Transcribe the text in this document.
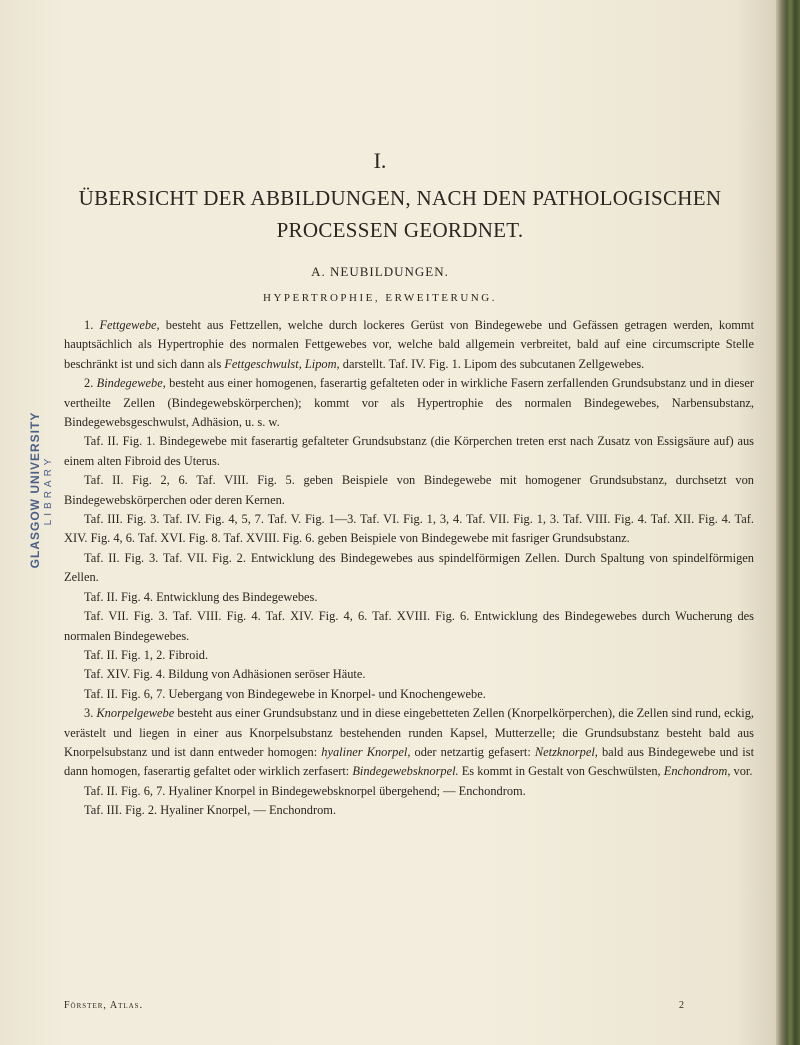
GLASGOW UNIVERSITY LIBRARY
I.
ÜBERSICHT DER ABBILDUNGEN, NACH DEN PATHOLOGISCHEN PROCESSEN GEORDNET.
A. NEUBILDUNGEN.
HYPERTROPHIE, ERWEITERUNG.

1. Fettgewebe, besteht aus Fettzellen, welche durch lockeres Gerüst von Bindegewebe und Gefässen getragen werden, kommt hauptsächlich als Hypertrophie des normalen Fettgewebes vor, welche bald allgemein verbreitet, bald auf eine circumscripte Stelle beschränkt ist und sich dann als Fettgeschwulst, Lipom, darstellt. Taf. IV. Fig. 1. Lipom des subcutanen Zellgewebes.

2. Bindegewebe, besteht aus einer homogenen, faserartig gefalteten oder in wirkliche Fasern zerfallenden Grundsubstanz und in dieser vertheilte Zellen (Bindegewebskörperchen); kommt vor als Hypertrophie des normalen Bindegewebes, Narbensubstanz, Bindegewebsgeschwulst, Adhäsion, u. s. w.

Taf. II. Fig. 1. Bindegewebe mit faserartig gefalteter Grundsubstanz (die Körperchen treten erst nach Zusatz von Essigsäure auf) aus einem alten Fibroid des Uterus.

Taf. II. Fig. 2, 6. Taf. VIII. Fig. 5. geben Beispiele von Bindegewebe mit homogener Grundsubstanz, durchsetzt von Bindegewebskörperchen oder deren Kernen.

Taf. III. Fig. 3. Taf. IV. Fig. 4, 5, 7. Taf. V. Fig. 1—3. Taf. VI. Fig. 1, 3, 4. Taf. VII. Fig. 1, 3. Taf. VIII. Fig. 4. Taf. XII. Fig. 4. Taf. XIV. Fig. 4, 6. Taf. XVI. Fig. 8. Taf. XVIII. Fig. 6. geben Beispiele von Bindegewebe mit fasriger Grundsubstanz.

Taf. II. Fig. 3. Taf. VII. Fig. 2. Entwicklung des Bindegewebes aus spindelförmigen Zellen. Durch Spaltung von spindelförmigen Zellen.

Taf. II. Fig. 4. Entwicklung des Bindegewebes.

Taf. VII. Fig. 3. Taf. VIII. Fig. 4. Taf. XIV. Fig. 4, 6. Taf. XVIII. Fig. 6. Entwicklung des Bindegewebes durch Wucherung des normalen Bindegewebes.

Taf. II. Fig. 1, 2. Fibroid.

Taf. XIV. Fig. 4. Bildung von Adhäsionen seröser Häute.

Taf. II. Fig. 6, 7. Uebergang von Bindegewebe in Knorpel- und Knochengewebe.

3. Knorpelgewebe besteht aus einer Grundsubstanz und in diese eingebetteten Zellen (Knorpelkörperchen), die Zellen sind rund, eckig, verästelt und liegen in einer aus Knorpelsubstanz bestehenden runden Kapsel, Mutterzelle; die Grundsubstanz besteht bald aus Knorpelsubstanz und ist dann entweder homogen: hyaliner Knorpel, oder netzartig gefasert: Netzknorpel, bald aus Bindegewebe und ist dann homogen, faserartig gefaltet oder wirklich zerfasert: Bindegewebsknorpel. Es kommt in Gestalt von Geschwülsten, Enchondrom, vor.

Taf. II. Fig. 6, 7. Hyaliner Knorpel in Bindegewebsknorpel übergehend; — Enchondrom.

Taf. III. Fig. 2. Hyaliner Knorpel, — Enchondrom.

Förster, Atlas.	2
